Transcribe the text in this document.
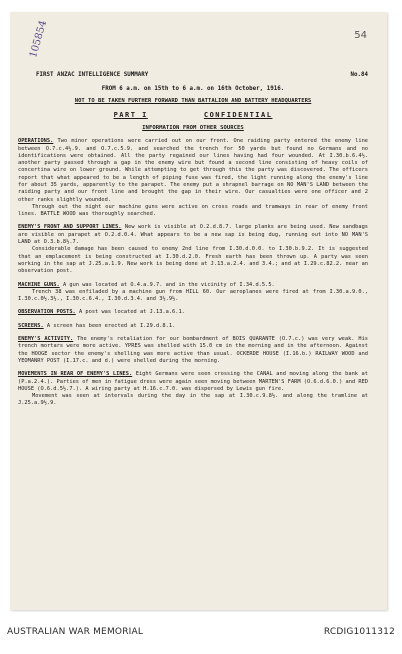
54
105854
FIRST ANZAC INTELLIGENCE SUMMARY	No.84
FROM 6 a.m. on 15th to 6 a.m. on 16th October, 1916.
NOT TO BE TAKEN FURTHER FORWARD THAN BATTALION AND BATTERY HEADQUARTERS
PART I	CONFIDENTIAL
INFORMATION FROM OTHER SOURCES
OPERATIONS. Two minor operations were carried out on our front. One raiding party entered the enemy line between O.7.c.4½.9. and O.7.c.5.9. and searched the trench for 50 yards but found no Germans and no identifications were obtained. All the party regained our lines having had four wounded. At I.30.b.6.4½. another party passed through a gap in the enemy wire but found a second line consisting of heavy coils of concertina wire on lower ground. While attempting to get through this the party was discovered. The officers report that what appeared to be a length of piping fuse was fired, the light running along the enemy's line for about 35 yards, apparently to the parapet. The enemy put a shrapnel barrage on NO MAN'S LAND between the raiding party and our front line and brought the gap in their wire. Our casualties were one officer and 2 other ranks slightly wounded.
Through out the night our machine guns were active on cross roads and tramways in rear of enemy front lines. BATTLE WOOD was thoroughly searched.
ENEMY'S FRONT AND SUPPORT LINES. New work is visible at O.2.d.8.7. large planks are being used. New sandbags are visible on parapet at O.2.d.0.4. What appears to be a new sap is being dug, running out into NO MAN'S LAND at O.3.b.8½.7.
Considerable damage has been caused to enemy 2nd line from I.30.d.0.0. to I.30.b.9.2. It is suggested that an emplacement is being constructed at I.30.d.2.0. Fresh earth has been thrown up. A party was seen working in the sap at J.25.a.1.9. New work is being done at J.13.a.2.4. and 3.4.; and at I.29.c.82.2. near an observation post.
MACHINE GUNS. A gun was located at O.4.a.9.7. and in the vicinity of I.34.d.5.5.
Trench 38 was enfiladed by a machine gun from HILL 60. Our aeroplanes were fired at from I.30.a.9.0., I.30.c.0½.3½., I.30.c.6.4., I.30.d.3.4. and 3½.9½.
OBSERVATION POSTS. A post was located at J.13.a.6.1.
SCREENS. A screen has been erected at I.29.d.8.1.
ENEMY'S ACTIVITY. The enemy's retaliation for our bombardment of BOIS QUARANTE (O.7.c.) was very weak. His trench mortars were more active. YPRES was shelled with 15.0 cm in the morning and in the afternoon. Against the HOOGE sector the enemy's shelling was more active than usual. OCKERDE HOUSE (I.16.b.) RAILWAY WOOD and YEOMANRY POST (I.17.c. and d.) were shelled during the morning.
MOVEMENTS IN REAR OF ENEMY'S LINES. Eight Germans were seen crossing the CANAL and moving along the bank at (P.a.2.4.). Parties of men in fatigue dress were again seen moving between MARTEN'S FARM (O.6.d.6.0.) and RED HOUSE (O.6.d.5½.7.). A wiring party at H.16.c.7.0. was dispersed by Lewis gun fire.
Movement was seen at intervals during the day in the sap at I.30.c.9.8½. and along the tramline at J.25.a.9½.9.
AUSTRALIAN WAR MEMORIAL	RCDIG1011312
